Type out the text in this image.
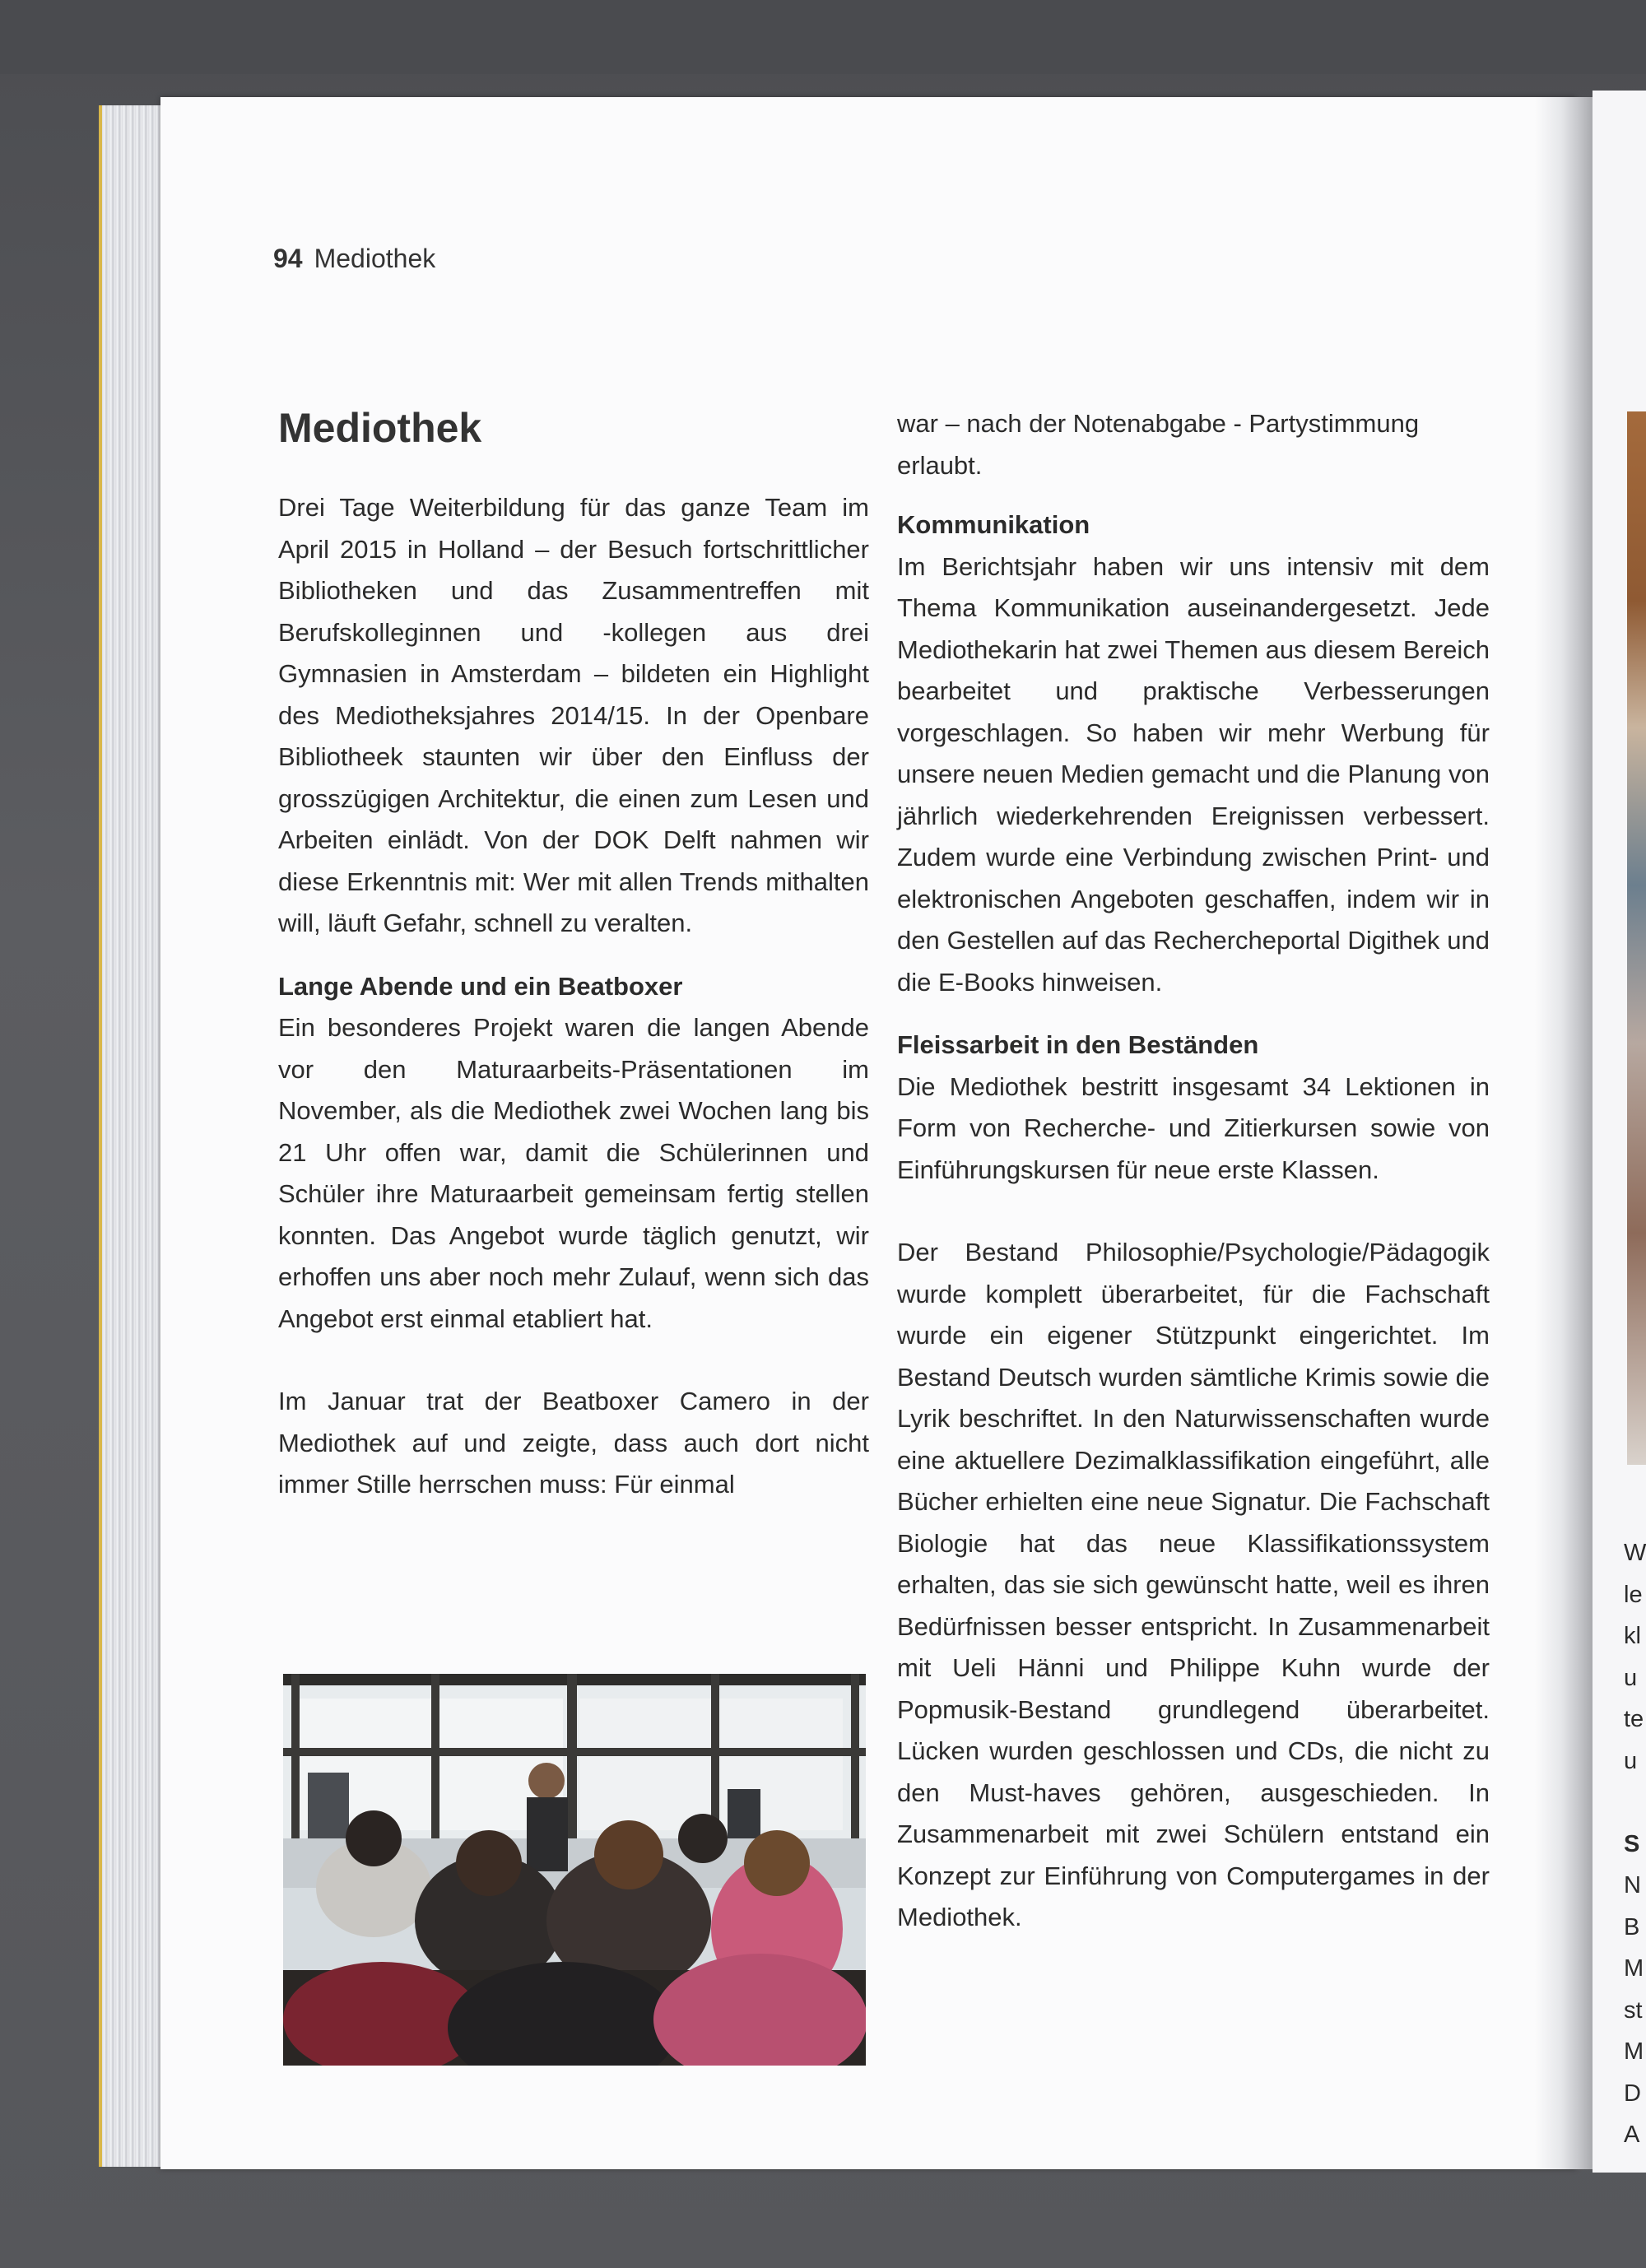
W
le
kl
u
te
u
S
N
B
M
st
M
D
A
94 Mediothek
Mediothek

Drei Tage Weiterbildung für das ganze Team im April 2015 in Holland – der Besuch fortschrittlicher Bibliotheken und das Zusammentreffen mit Berufskolleginnen und -kollegen aus drei Gymnasien in Amsterdam – bildeten ein Highlight des Mediotheksjahres 2014/15. In der Openbare Bibliotheek staunten wir über den Einfluss der grosszügigen Architektur, die einen zum Lesen und Arbeiten einlädt. Von der DOK Delft nahmen wir diese Erkenntnis mit: Wer mit allen Trends mithalten will, läuft Gefahr, schnell zu veralten.

Lange Abende und ein Beatboxer

Ein besonderes Projekt waren die langen Abende vor den Maturaarbeits-Präsentationen im November, als die Mediothek zwei Wochen lang bis 21 Uhr offen war, damit die Schülerinnen und Schüler ihre Maturaarbeit gemeinsam fertig stellen konnten. Das Angebot wurde täglich genutzt, wir erhoffen uns aber noch mehr Zulauf, wenn sich das Angebot erst einmal etabliert hat.

Im Januar trat der Beatboxer Camero in der Mediothek auf und zeigte, dass auch dort nicht immer Stille herrschen muss: Für einmal

war – nach der Notenabgabe - Partystimmung erlaubt.

Kommunikation

Im Berichtsjahr haben wir uns intensiv mit dem Thema Kommunikation auseinandergesetzt. Jede Mediothekarin hat zwei Themen aus diesem Bereich bearbeitet und praktische Verbesserungen vorgeschlagen. So haben wir mehr Werbung für unsere neuen Medien gemacht und die Planung von jährlich wiederkehrenden Ereignissen verbessert. Zudem wurde eine Verbindung zwischen Print- und elektronischen Angeboten geschaffen, indem wir in den Gestellen auf das Rechercheportal Digithek und die E-Books hinweisen.

Fleissarbeit in den Beständen

Die Mediothek bestritt insgesamt 34 Lektionen in Form von Recherche- und Zitierkursen sowie von Einführungskursen für neue erste Klassen.

Der Bestand Philosophie/Psychologie/Pädagogik wurde komplett überarbeitet, für die Fachschaft wurde ein eigener Stützpunkt eingerichtet. Im Bestand Deutsch wurden sämtliche Krimis sowie die Lyrik beschriftet. In den Naturwissenschaften wurde eine aktuellere Dezimalklassifikation eingeführt, alle Bücher erhielten eine neue Signatur. Die Fachschaft Biologie hat das neue Klassifikationssystem erhalten, das sie sich gewünscht hatte, weil es ihren Bedürfnissen besser entspricht. In Zusammenarbeit mit Ueli Hänni und Philippe Kuhn wurde der Popmusik-Bestand grundlegend überarbeitet. Lücken wurden geschlossen und CDs, die nicht zu den Must-haves gehören, ausgeschieden. In Zusammenarbeit mit zwei Schülern entstand ein Konzept zur Einführung von Computergames in der Mediothek.
